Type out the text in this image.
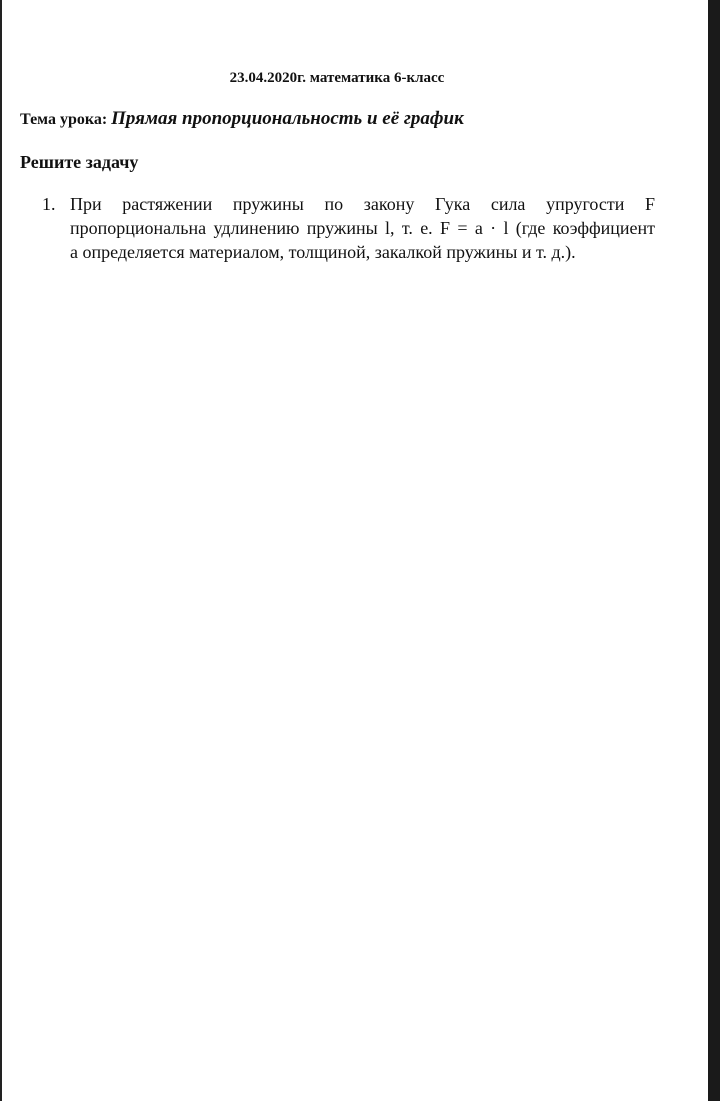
23.04.2020г. математика 6-класс
Тема урока: Прямая пропорциональность и её график
Решите задачу
1. При растяжении пружины по закону Гука сила упругости F
пропорциональна удлинению пружины l, т. е. F = a · l (где коэффициент
а определяется материалом, толщиной, закалкой пружины и т. д.).
